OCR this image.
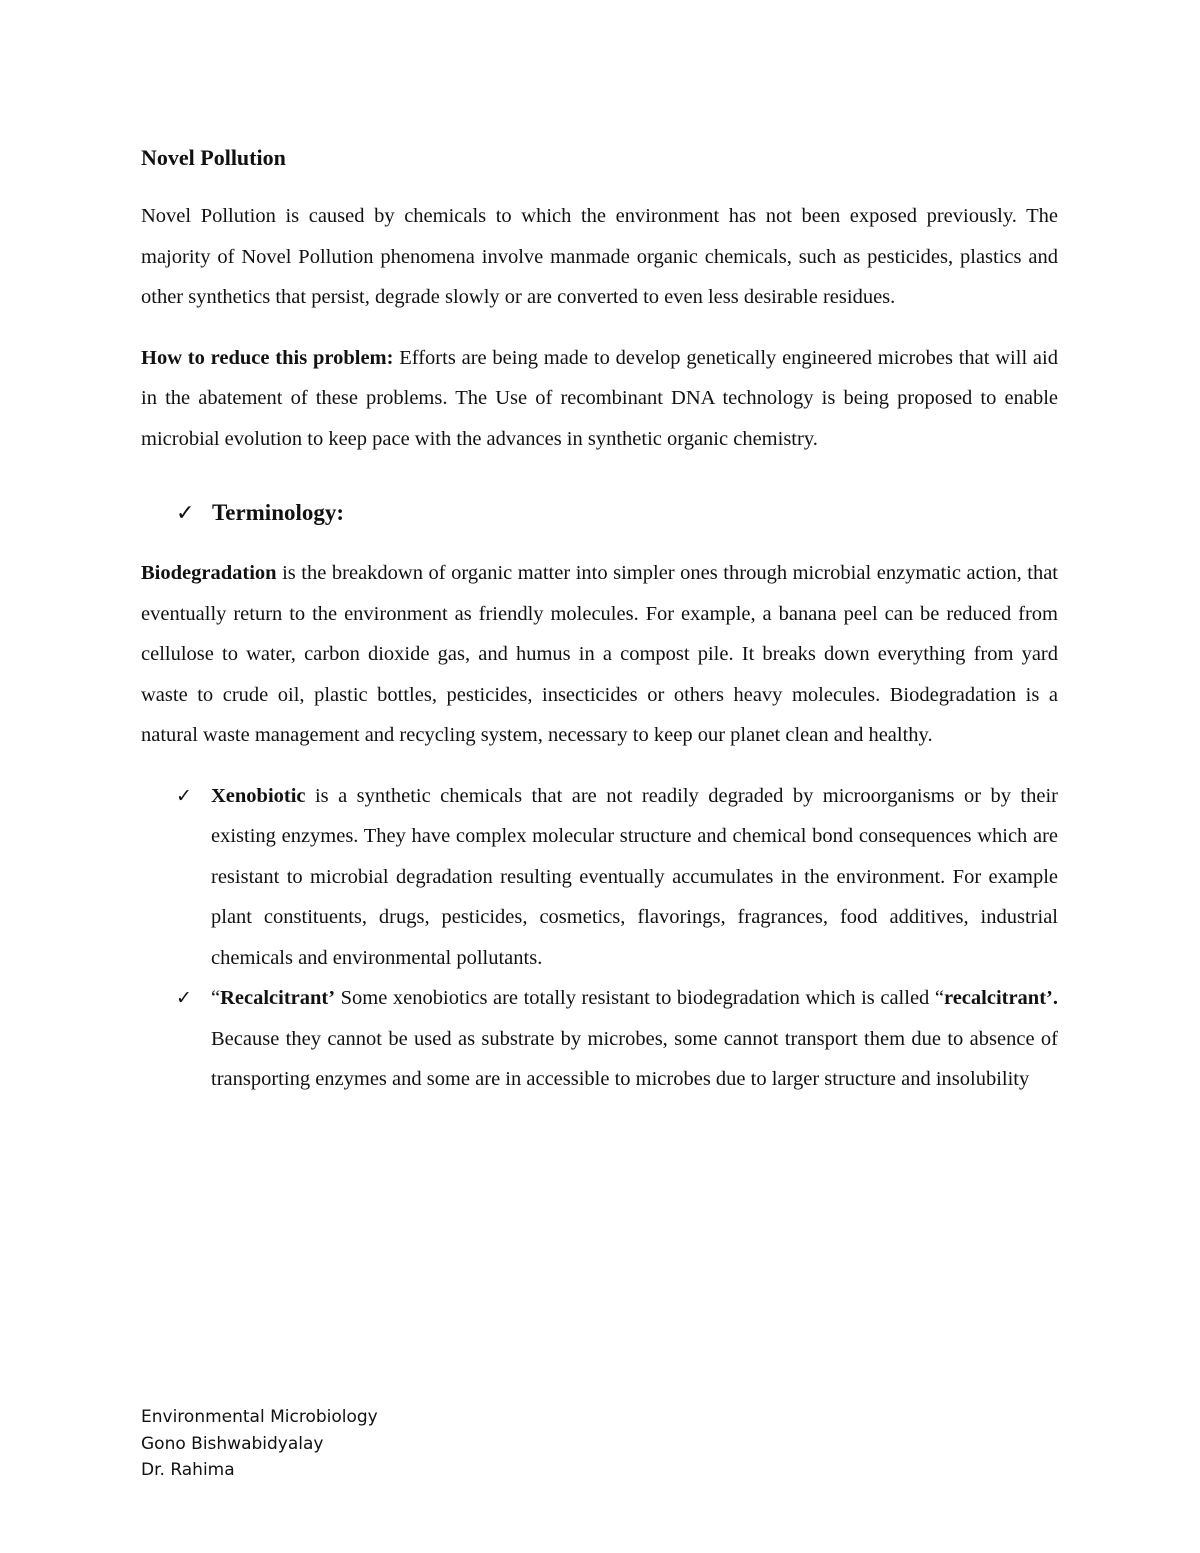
Novel Pollution

Novel Pollution is caused by chemicals to which the environment has not been exposed previously. The majority of Novel Pollution phenomena involve manmade organic chemicals, such as pesticides, plastics and other synthetics that persist, degrade slowly or are converted to even less desirable residues.

How to reduce this problem: Efforts are being made to develop genetically engineered microbes that will aid in the abatement of these problems. The Use of recombinant DNA technology is being proposed to enable microbial evolution to keep pace with the advances in synthetic organic chemistry.

✓ Terminology:

Biodegradation is the breakdown of organic matter into simpler ones through microbial enzymatic action, that eventually return to the environment as friendly molecules. For example, a banana peel can be reduced from cellulose to water, carbon dioxide gas, and humus in a compost pile. It breaks down everything from yard waste to crude oil, plastic bottles, pesticides, insecticides or others heavy molecules. Biodegradation is a natural waste management and recycling system, necessary to keep our planet clean and healthy.

✓ Xenobiotic is a synthetic chemicals that are not readily degraded by microorganisms or by their existing enzymes. They have complex molecular structure and chemical bond consequences which are resistant to microbial degradation resulting eventually accumulates in the environment. For example plant constituents, drugs, pesticides, cosmetics, flavorings, fragrances, food additives, industrial chemicals and environmental pollutants.
✓ “Recalcitrant’ Some xenobiotics are totally resistant to biodegradation which is called “recalcitrant’. Because they cannot be used as substrate by microbes, some cannot transport them due to absence of transporting enzymes and some are in accessible to microbes due to larger structure and insolubility
Environmental Microbiology
Gono Bishwabidyalay
Dr. Rahima
